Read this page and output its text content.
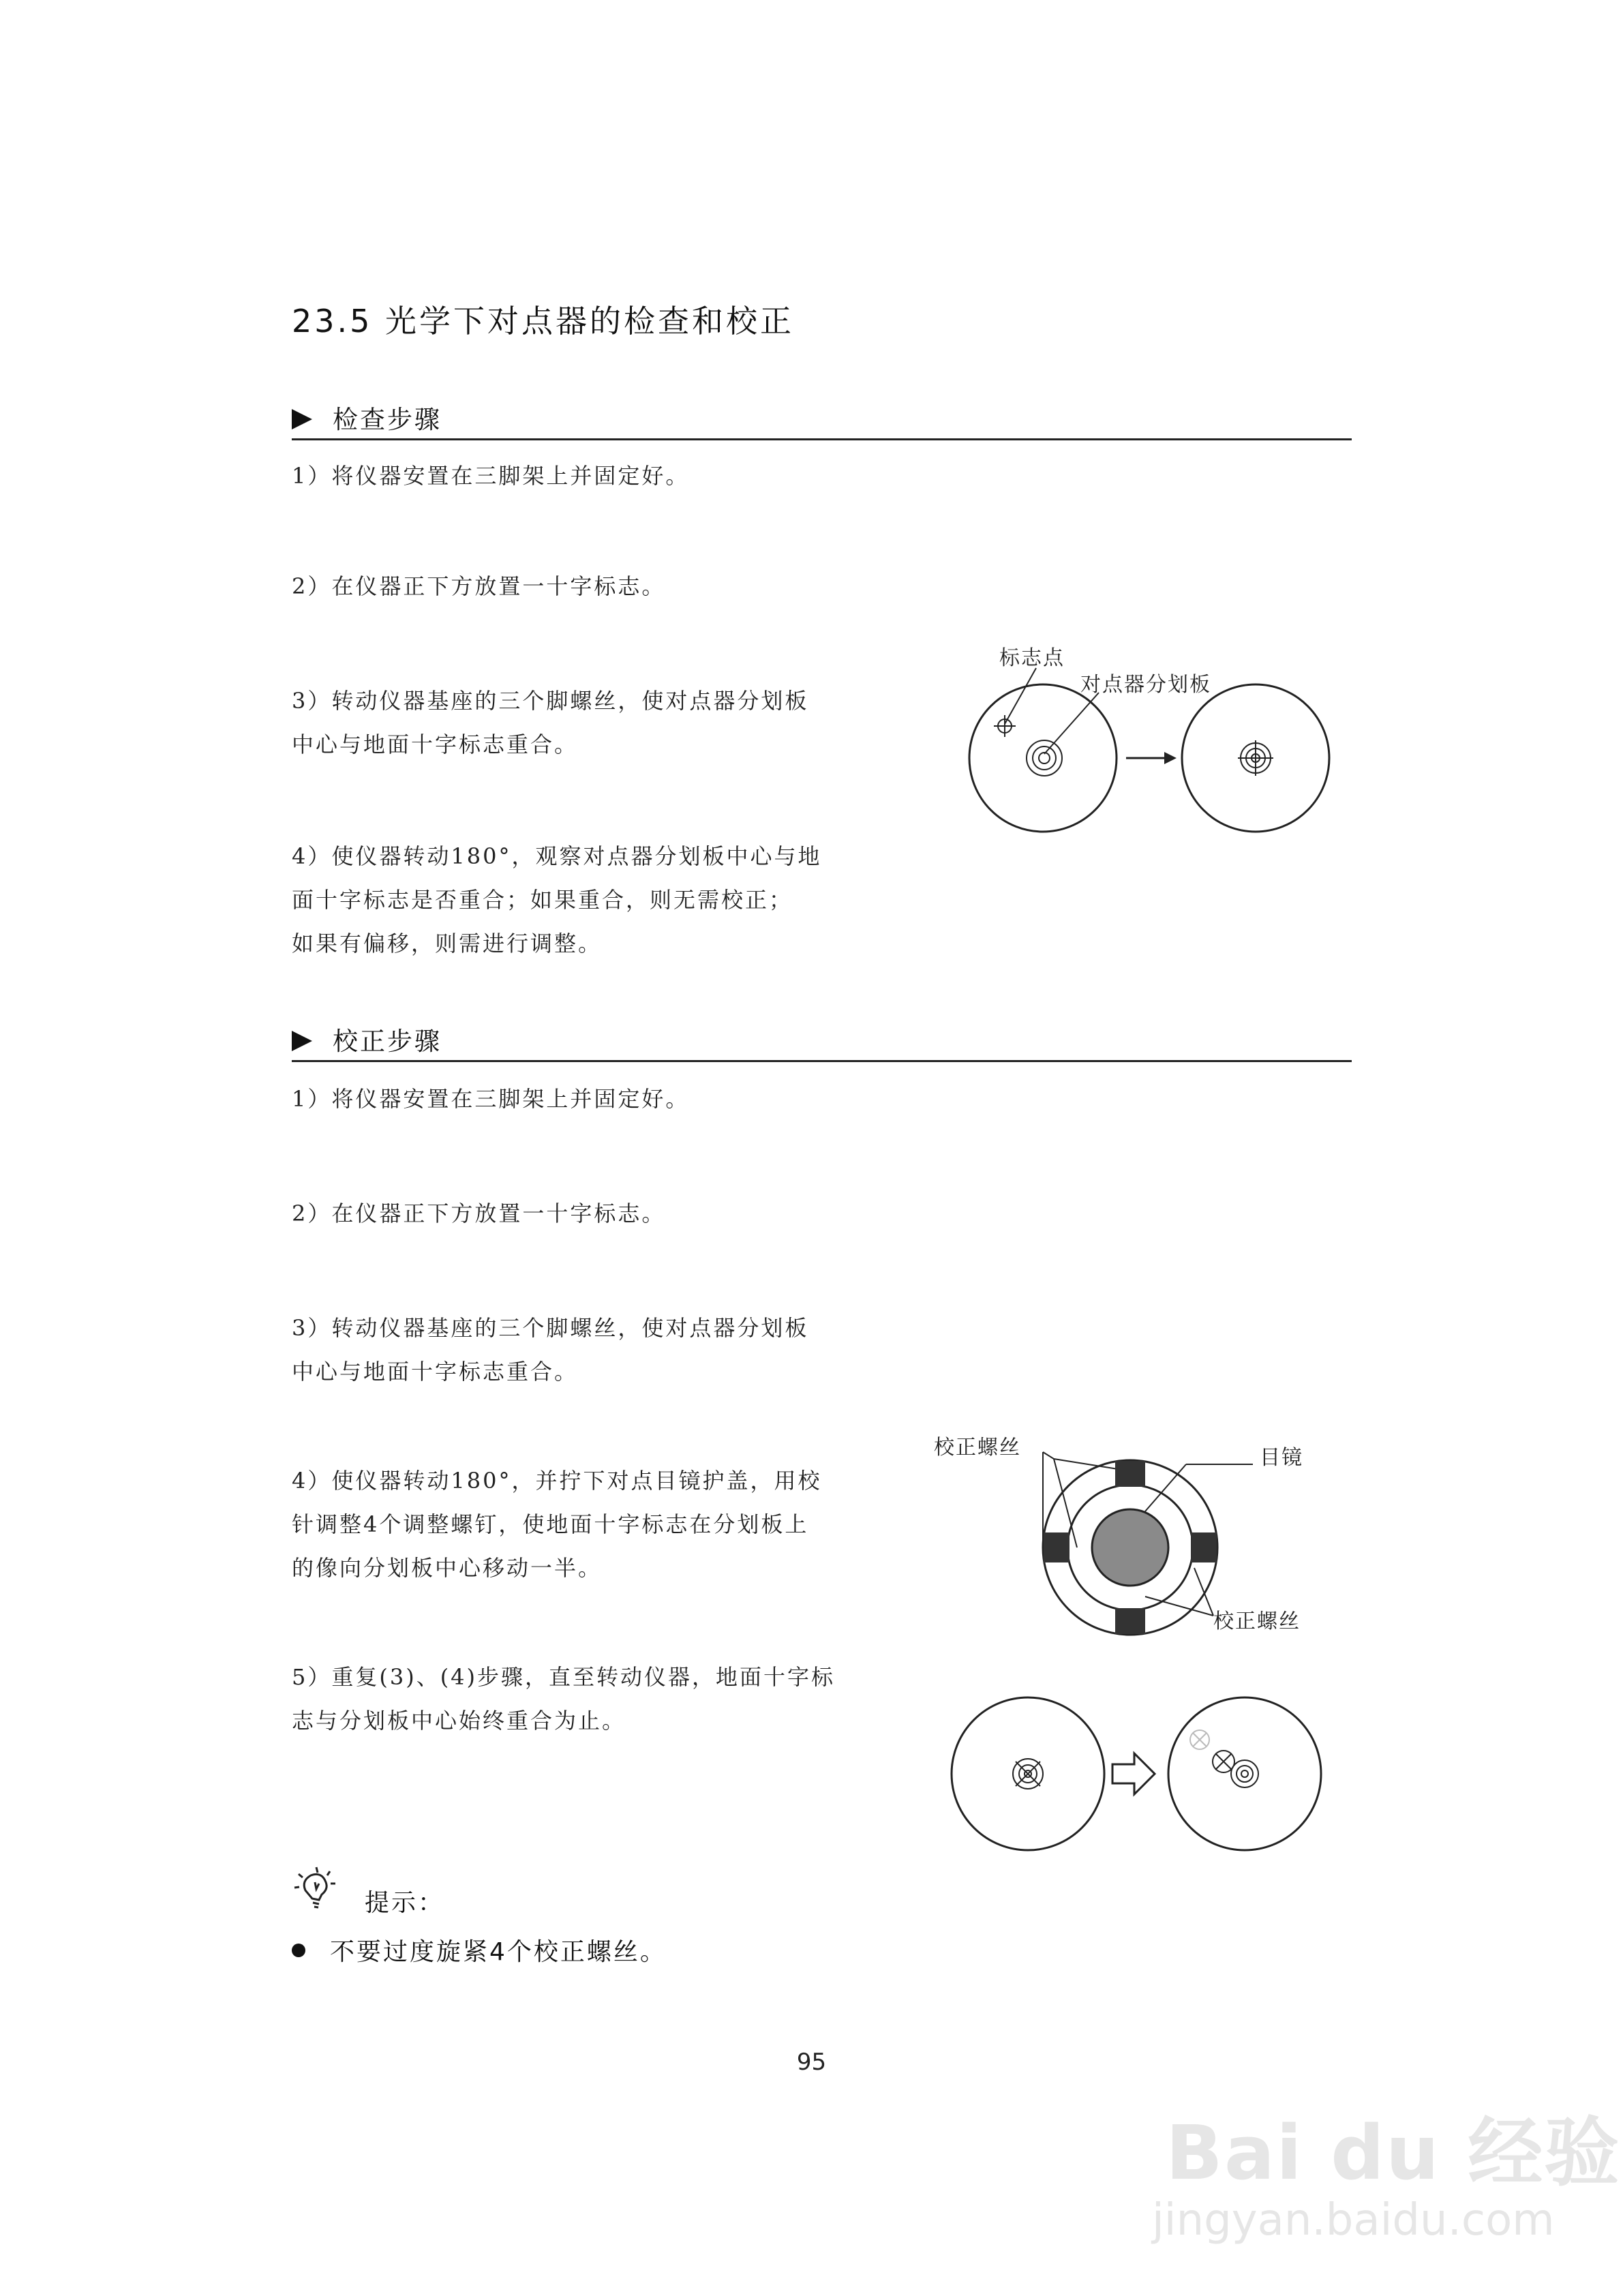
23.5 光学下对点器的检查和校正
检查步骤
1）将仪器安置在三脚架上并固定好。
2）在仪器正下方放置一十字标志。
3）转动仪器基座的三个脚螺丝，使对点器分划板
中心与地面十字标志重合。
4）使仪器转动180°，观察对点器分划板中心与地
面十字标志是否重合；如果重合，则无需校正；
如果有偏移，则需进行调整。
标志点
对点器分划板
校正步骤
1）将仪器安置在三脚架上并固定好。
2）在仪器正下方放置一十字标志。
3）转动仪器基座的三个脚螺丝，使对点器分划板
中心与地面十字标志重合。
4）使仪器转动180°，并拧下对点目镜护盖，用校
针调整4个调整螺钉，使地面十字标志在分划板上
的像向分划板中心移动一半。
5）重复(3)、(4)步骤，直至转动仪器，地面十字标
志与分划板中心始终重合为止。
校正螺丝	目镜
校正螺丝
提示：
不要过度旋紧4个校正螺丝。
95
Bai du 经验
jingyan.baidu.com
